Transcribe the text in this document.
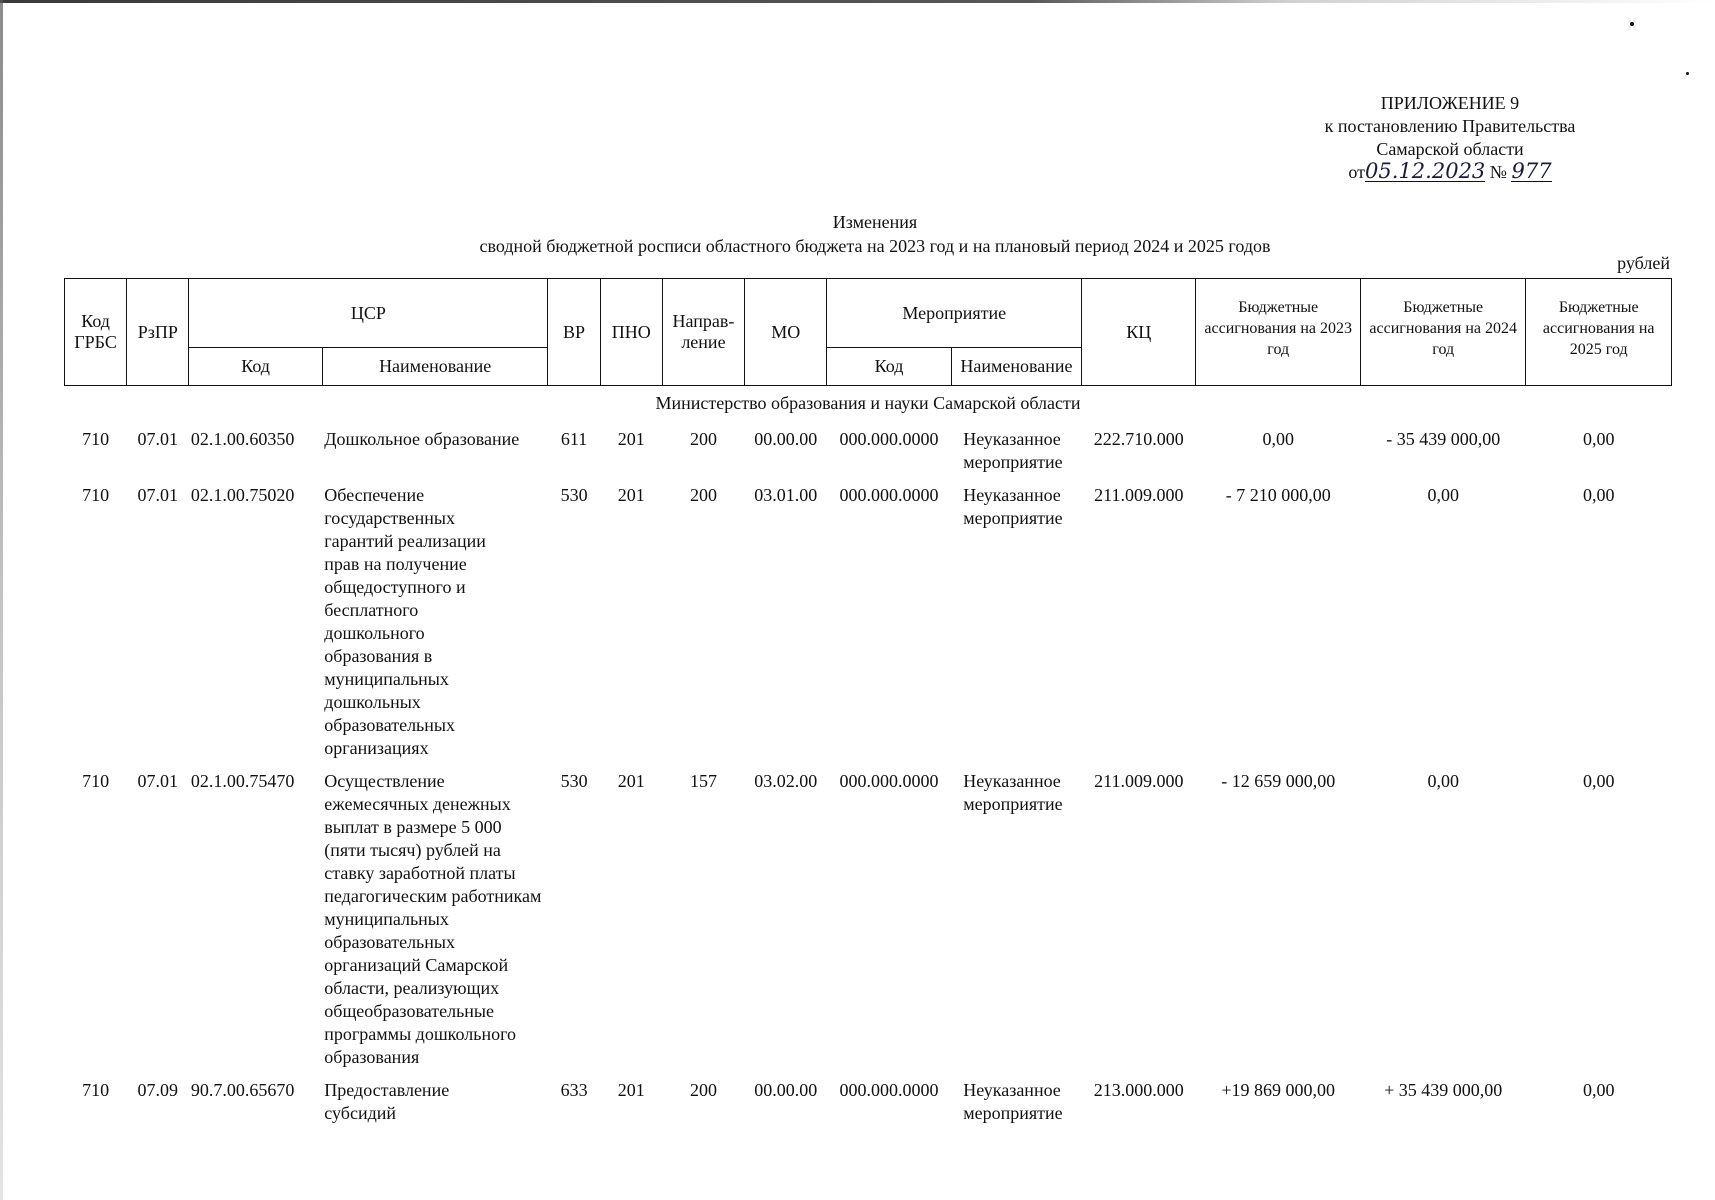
ПРИЛОЖЕНИЕ 9
к постановлению Правительства
Самарской области
от05.12.2023 № 977
Изменения
сводной бюджетной росписи областного бюджета на 2023 год и на плановый период 2024 и 2025 годов
рублей
Код ГРБС	РзПР	ЦСР		ВР	ПНО	Направ-ление	МО	Мероприятие		КЦ	Бюджетные ассигнования на 2023 год	Бюджетные ассигнования на 2024 год	Бюджетные ассигнования на 2025 год
		Код	Наименование					Код	Наименование				
Министерство образования и науки Самарской области													
710	07.01	02.1.00.60350	Дошкольное образование	611	201	200	00.00.00	000.000.0000	Неуказанное мероприятие	222.710.000	0,00	- 35 439 000,00	0,00
710	07.01	02.1.00.75020	Обеспечение государственных гарантий реализации прав на получение общедоступного и бесплатного дошкольного образования в муниципальных дошкольных образовательных организациях	530	201	200	03.01.00	000.000.0000	Неуказанное мероприятие	211.009.000	- 7 210 000,00	0,00	0,00
710	07.01	02.1.00.75470	Осуществление ежемесячных денежных выплат в размере 5 000 (пяти тысяч) рублей на ставку заработной платы педагогическим работникам муниципальных образовательных организаций Самарской области, реализующих общеобразовательные программы дошкольного образования	530	201	157	03.02.00	000.000.0000	Неуказанное мероприятие	211.009.000	- 12 659 000,00	0,00	0,00
710	07.09	90.7.00.65670	Предоставление субсидий	633	201	200	00.00.00	000.000.0000	Неуказанное мероприятие	213.000.000	+19 869 000,00	+ 35 439 000,00	0,00
